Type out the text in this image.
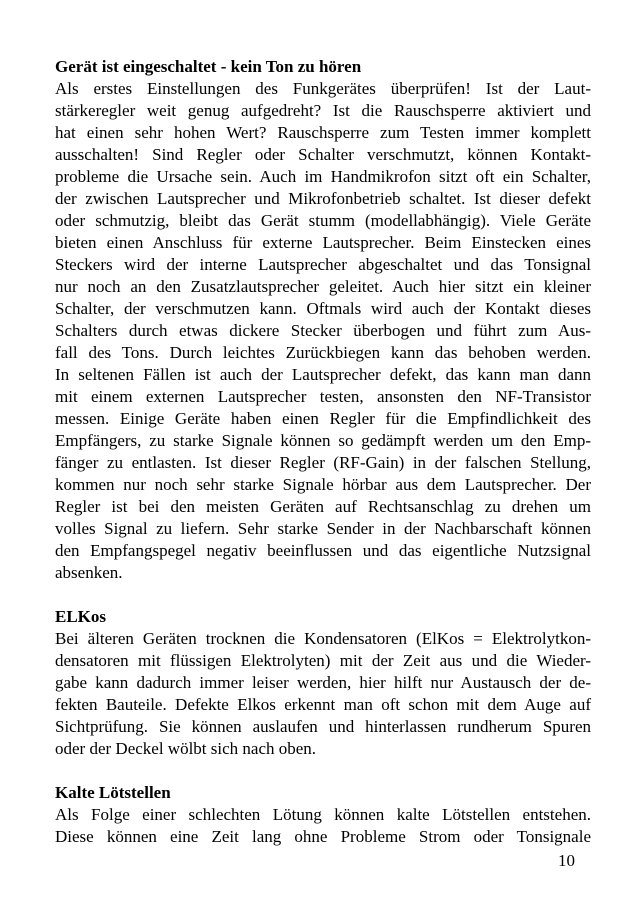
Gerät ist eingeschaltet - kein Ton zu hören

Als erstes Einstellungen des Funkgerätes überprüfen! Ist der Laut-

stärkeregler weit genug aufgedreht? Ist die Rauschsperre aktiviert und

hat einen sehr hohen Wert? Rauschsperre zum Testen immer komplett

ausschalten! Sind Regler oder Schalter verschmutzt, können Kontakt-

probleme die Ursache sein. Auch im Handmikrofon sitzt oft ein Schalter,

der zwischen Lautsprecher und Mikrofonbetrieb schaltet. Ist dieser defekt

oder schmutzig, bleibt das Gerät stumm (modellabhängig). Viele Geräte

bieten einen Anschluss für externe Lautsprecher. Beim Einstecken eines

Steckers wird der interne Lautsprecher abgeschaltet und das Tonsignal

nur noch an den Zusatzlautsprecher geleitet. Auch hier sitzt ein kleiner

Schalter, der verschmutzen kann. Oftmals wird auch der Kontakt dieses

Schalters durch etwas dickere Stecker überbogen und führt zum Aus-

fall des Tons. Durch leichtes Zurückbiegen kann das behoben werden.

In seltenen Fällen ist auch der Lautsprecher defekt, das kann man dann

mit einem externen Lautsprecher testen, ansonsten den NF-Transistor

messen. Einige Geräte haben einen Regler für die Empfindlichkeit des

Empfängers, zu starke Signale können so gedämpft werden um den Emp-

fänger zu entlasten. Ist dieser Regler (RF-Gain) in der falschen Stellung,

kommen nur noch sehr starke Signale hörbar aus dem Lautsprecher. Der

Regler ist bei den meisten Geräten auf Rechtsanschlag zu drehen um

volles Signal zu liefern. Sehr starke Sender in der Nachbarschaft können

den Empfangspegel negativ beeinflussen und das eigentliche Nutzsignal

absenken.

ELKos

Bei älteren Geräten trocknen die Kondensatoren (ElKos = Elektrolytkon-

densatoren mit flüssigen Elektrolyten) mit der Zeit aus und die Wieder-

gabe kann dadurch immer leiser werden, hier hilft nur Austausch der de-

fekten Bauteile. Defekte Elkos erkennt man oft schon mit dem Auge auf

Sichtprüfung. Sie können auslaufen und hinterlassen rundherum Spuren

oder der Deckel wölbt sich nach oben.

Kalte Lötstellen

Als Folge einer schlechten Lötung können kalte Lötstellen entstehen.

Diese können eine Zeit lang ohne Probleme Strom oder Tonsignale

10
